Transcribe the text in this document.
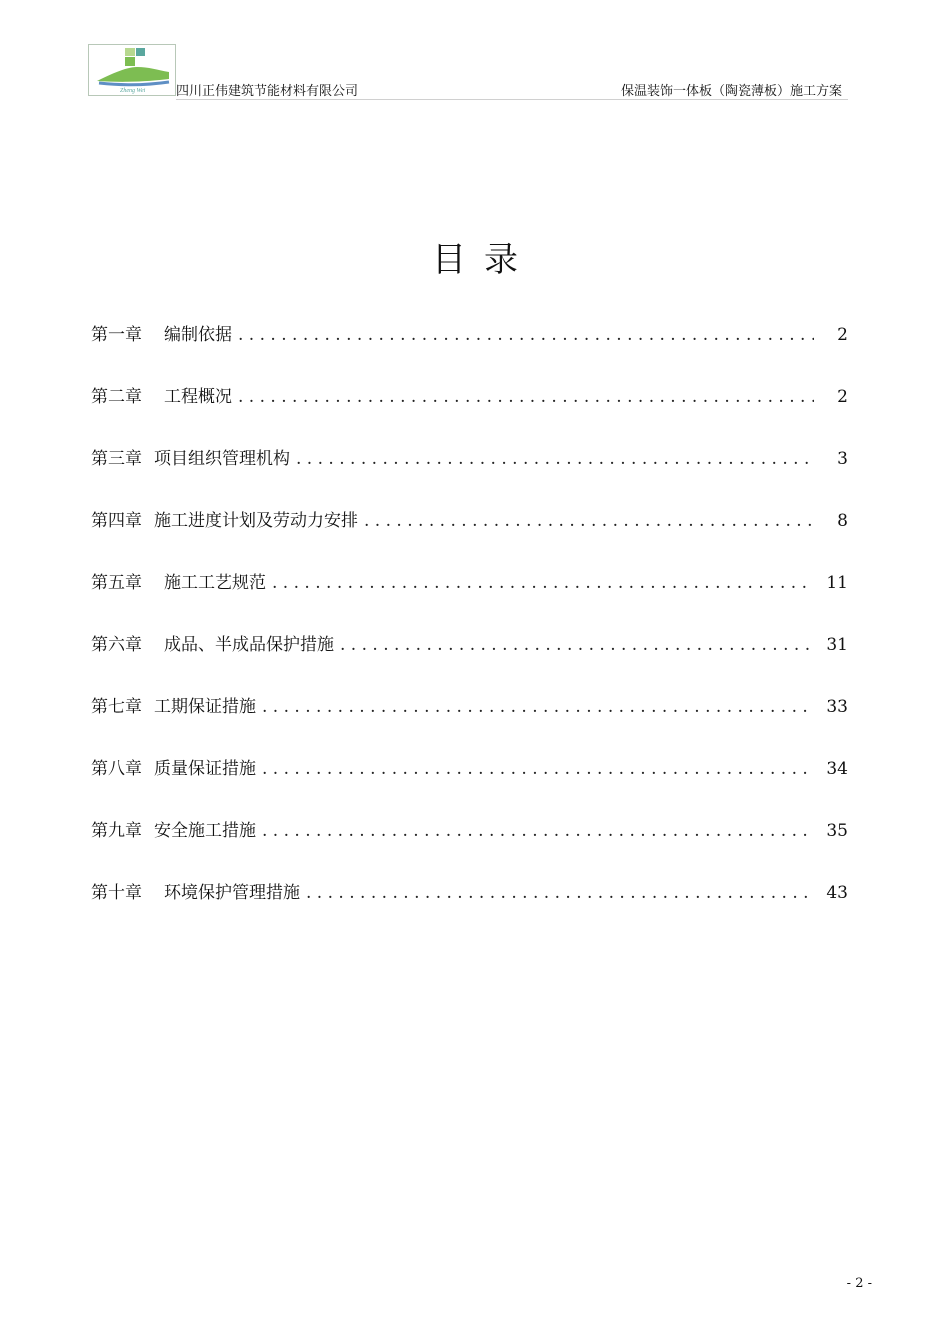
Zheng Wei 四川正伟建筑节能材料有限公司	保温装饰一体板（陶瓷薄板）施工方案
目录
第一章 编制依据 . . .	2
第二章 工程概况 . . .	2
第三章 项目组织管理机构 . . .	3
第四章 施工进度计划及劳动力安排 . . .	8
第五章 施工工艺规范 . . .	11
第六章 成品、半成品保护措施 . . .	31
第七章 工期保证措施 . . .	33
第八章 质量保证措施 . . .	34
第九章 安全施工措施 . . .	35
第十章 环境保护管理措施 . . .	43
- 2 -
